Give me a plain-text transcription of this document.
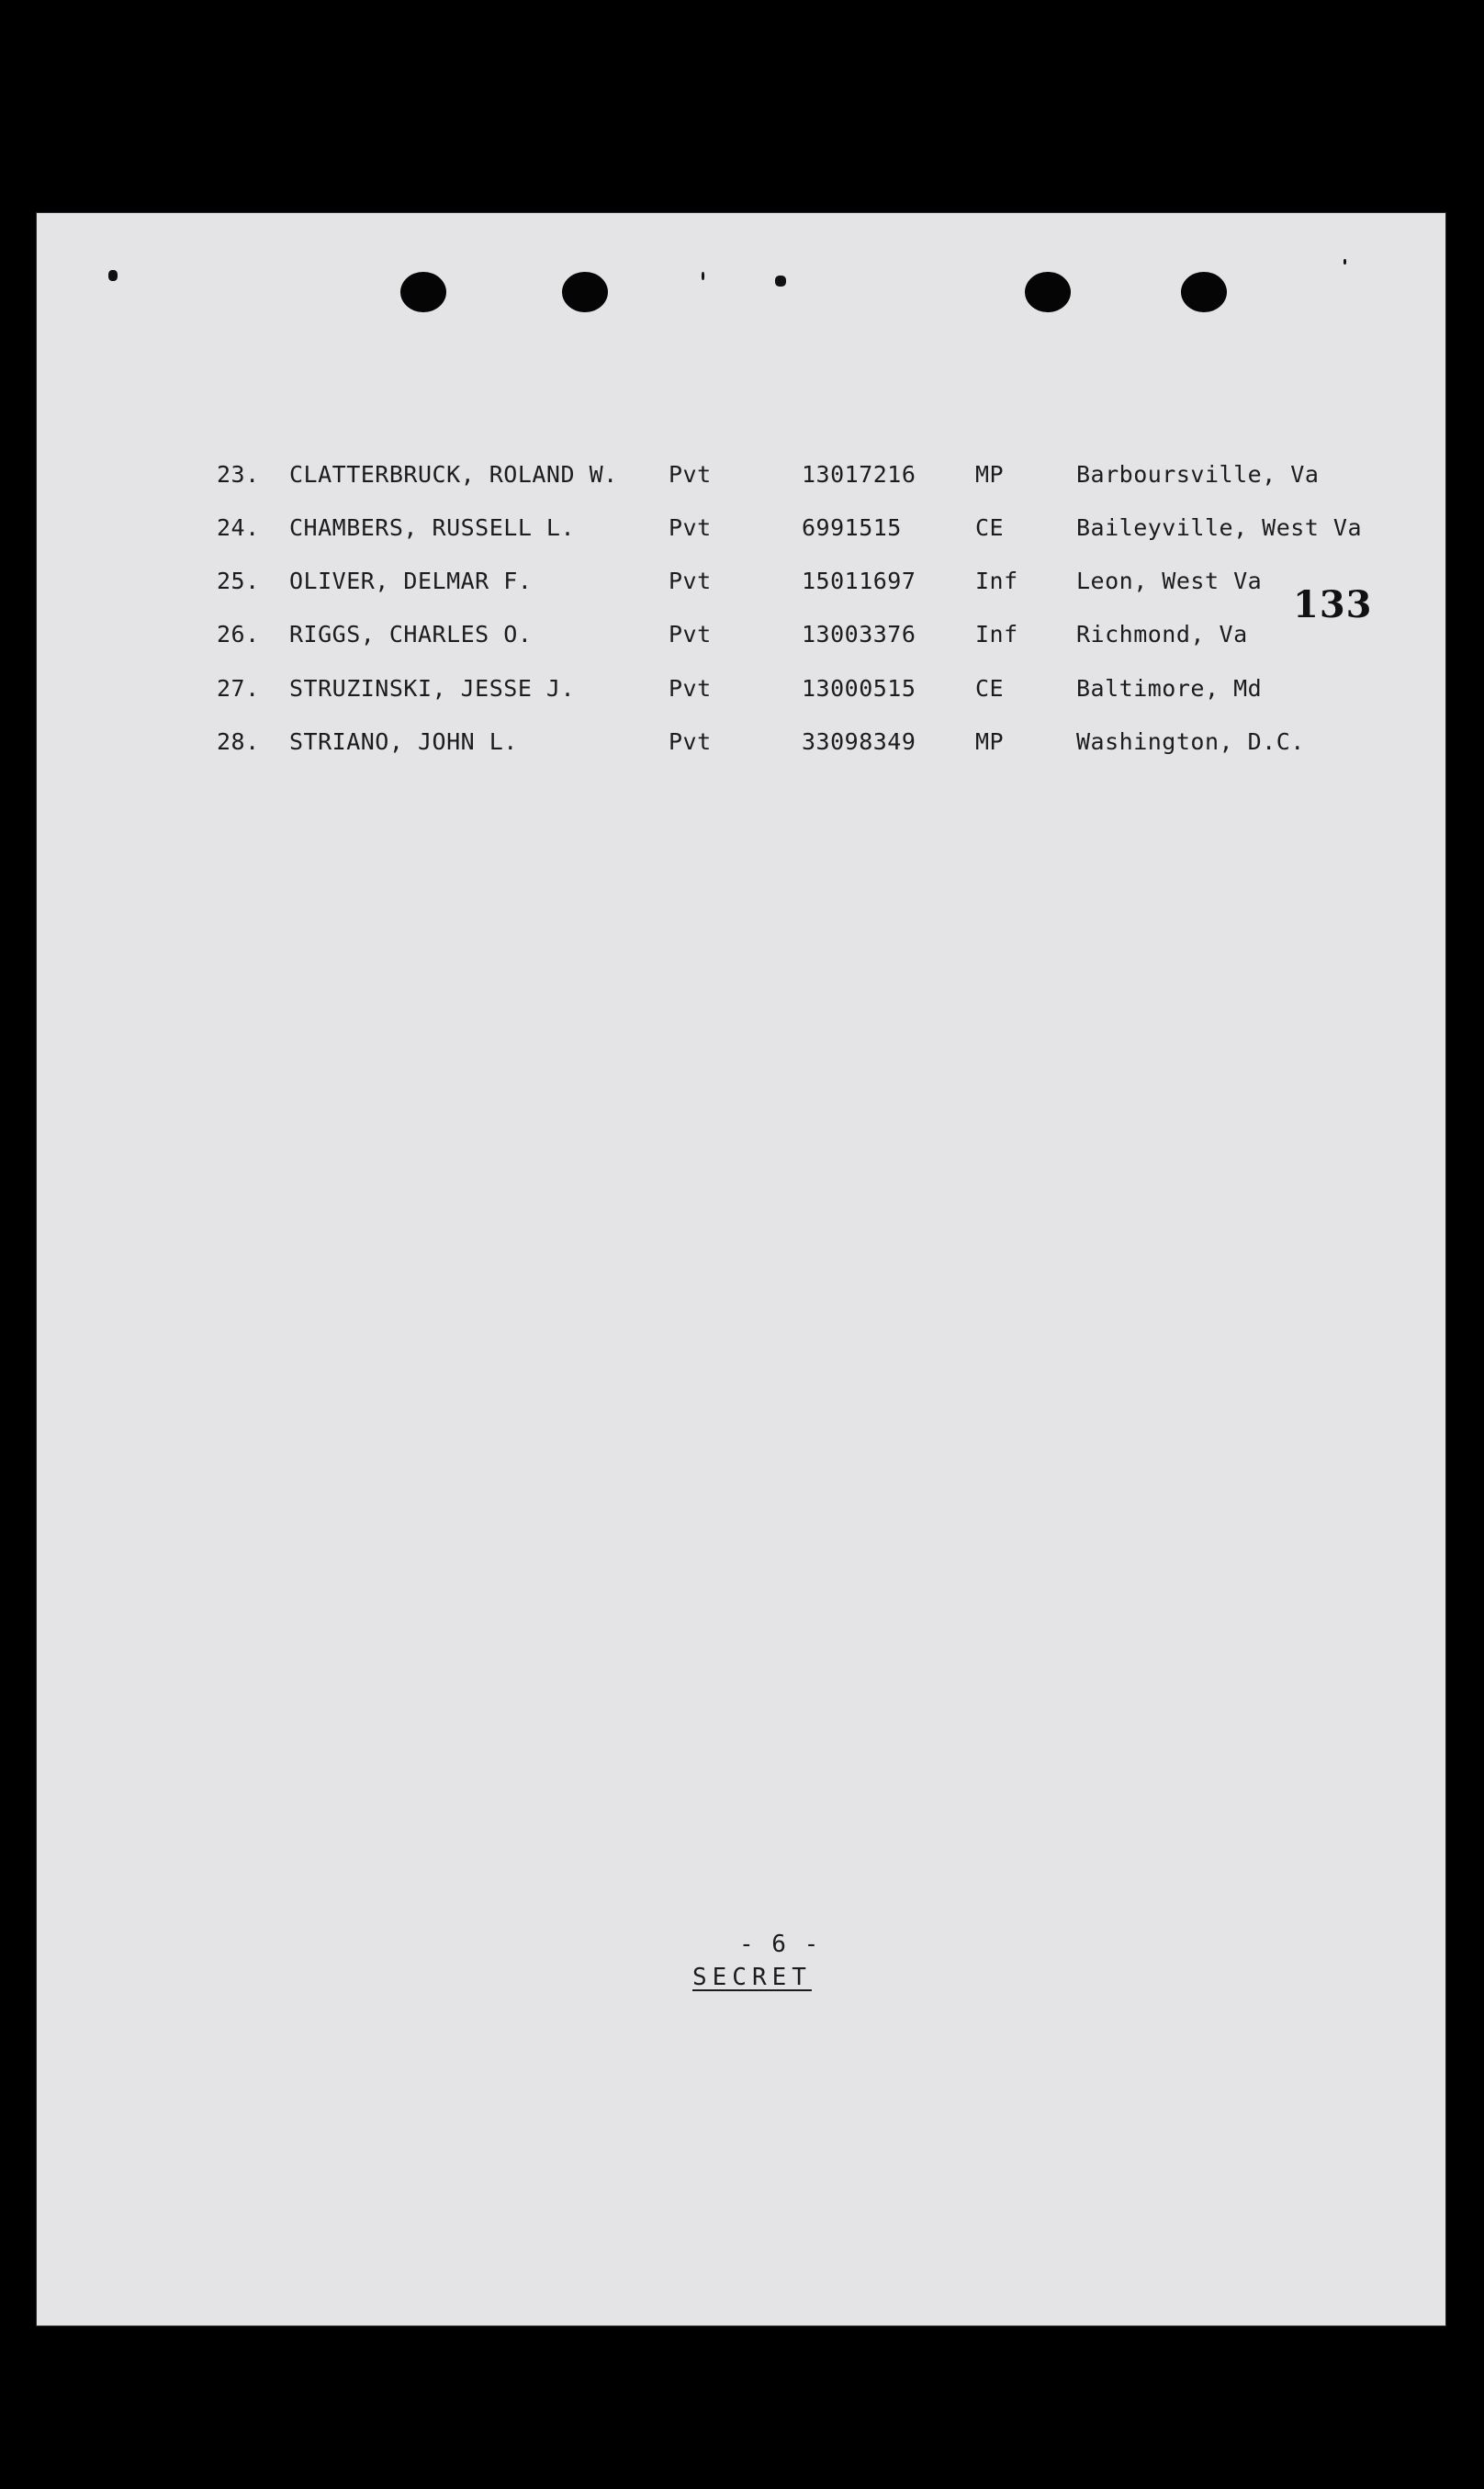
133
23. CLATTERBRUCK, ROLAND W. Pvt	13017216	MP	Barboursville, Va
24. CHAMBERS, RUSSELL L.	Pvt	6991515	CE	Baileyville, West Va
25. OLIVER, DELMAR F.	Pvt	15011697	Inf	Leon, West Va
26. RIGGS, CHARLES O.	Pvt	13003376	Inf	Richmond, Va
27. STRUZINSKI, JESSE J.	Pvt	13000515	CE	Baltimore, Md
28. STRIANO, JOHN L.	Pvt	33098349	MP	Washington, D.C.
- 6 -
SECRET
